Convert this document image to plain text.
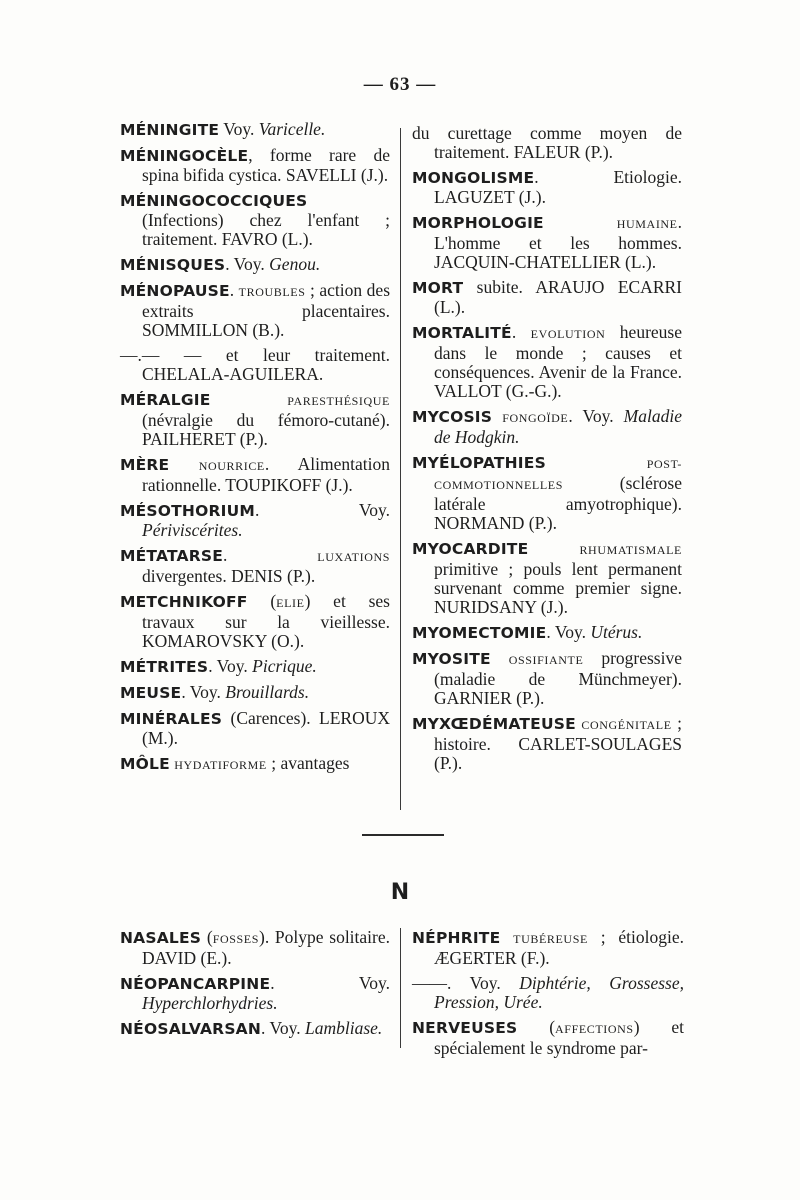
— 63 —
MÉNINGITE Voy. Varicelle.
MÉNINGOCÈLE, forme rare de spina bifida cystica. SAVELLI (J.).
MÉNINGOCOCCIQUES (Infections) chez l'enfant ; traitement. FAVRO (L.).
MÉNISQUES. Voy. Genou.
MÉNOPAUSE. TROUBLES ; action des extraits placentaires. SOMMILLON (B.).
—.— — et leur traitement. CHELALA-AGUILERA.
MÉRALGIE	PARESTHÉSIQUE (névralgie du fémoro-cutané). PAILHERET (P.).
MÈRE NOURRICE. Alimentation rationnelle. TOUPIKOFF (J.).
MÉSOTHORIUM. Voy. Périviscérites.
MÉTATARSE. LUXATIONS divergentes. DENIS (P.).
METCHNIKOFF (ELIE) et ses travaux sur la vieillesse. KOMAROVSKY (O.).
MÉTRITES. Voy. Picrique.
MEUSE. Voy. Brouillards.
MINÉRALES (Carences). LEROUX (M.).
MÔLE HYDATIFORME ; avantages
du curettage comme moyen de traitement. FALEUR (P.).
MONGOLISME. Etiologie. LAGUZET (J.).
MORPHOLOGIE	HUMAINE. L'homme et les hommes. JACQUIN-CHATELLIER (L.).
MORT subite. ARAUJO ECARRI (L.).
MORTALITÉ. EVOLUTION heureuse dans le monde ; causes et conséquences. Avenir de la France. VALLOT (G.-G.).
MYCOSIS FONGOÏDE. Voy. Maladie de Hodgkin.
MYÉLOPATHIES	POST-COMMOTIONNELLES (sclérose latérale amyotrophique). NORMAND (P.).
MYOCARDITE	RHUMATISMALE primitive ; pouls lent permanent survenant comme premier signe. NURIDSANY (J.).
MYOMECTOMIE. Voy. Utérus.
MYOSITE OSSIFIANTE progressive (maladie de Münchmeyer). GARNIER (P.).
MYXŒDÉMATEUSE CONGÉNITALE ; histoire. CARLET-SOULAGES (P.).
N
NASALES (FOSSES). Polype solitaire. DAVID (E.).
NÉOPANCARPINE. Voy. Hyperchlorhydries.
NÉOSALVARSAN. Voy. Lambliase.
NÉPHRITE TUBÉREUSE ; étiologie. ÆGERTER (F.).
——. Voy. Diphtérie, Grossesse, Pression, Urée.
NERVEUSES (AFFECTIONS) et spécialement le syndrome par-
